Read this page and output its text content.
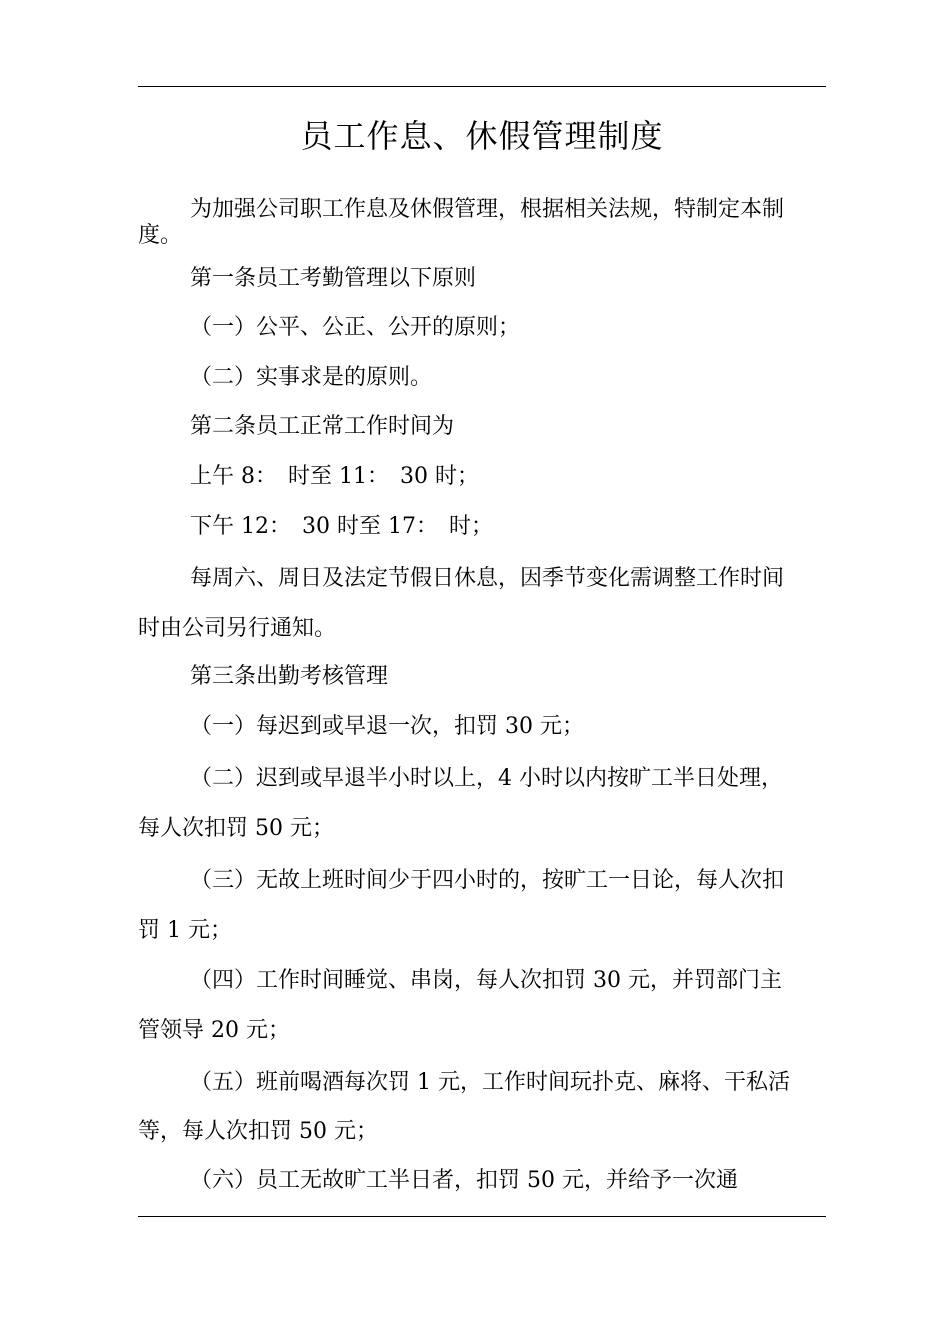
员工作息、休假管理制度
为加强公司职工作息及休假管理，根据相关法规，特制定本制
度。
第一条员工考勤管理以下原则
（一）公平、公正、公开的原则；
（二）实事求是的原则。
第二条员工正常工作时间为
上午 8：　时至 11：　30 时；
下午 12：　30 时至 17：　时；
每周六、周日及法定节假日休息，因季节变化需调整工作时间
时由公司另行通知。
第三条出勤考核管理
（一）每迟到或早退一次，扣罚 30 元；
（二）迟到或早退半小时以上，4 小时以内按旷工半日处理，
每人次扣罚 50 元；
（三）无故上班时间少于四小时的，按旷工一日论，每人次扣
罚 1 元；
（四）工作时间睡觉、串岗，每人次扣罚 30 元，并罚部门主
管领导 20 元；
（五）班前喝酒每次罚 1 元，工作时间玩扑克、麻将、干私活
等，每人次扣罚 50 元；
（六）员工无故旷工半日者，扣罚 50 元，并给予一次通
